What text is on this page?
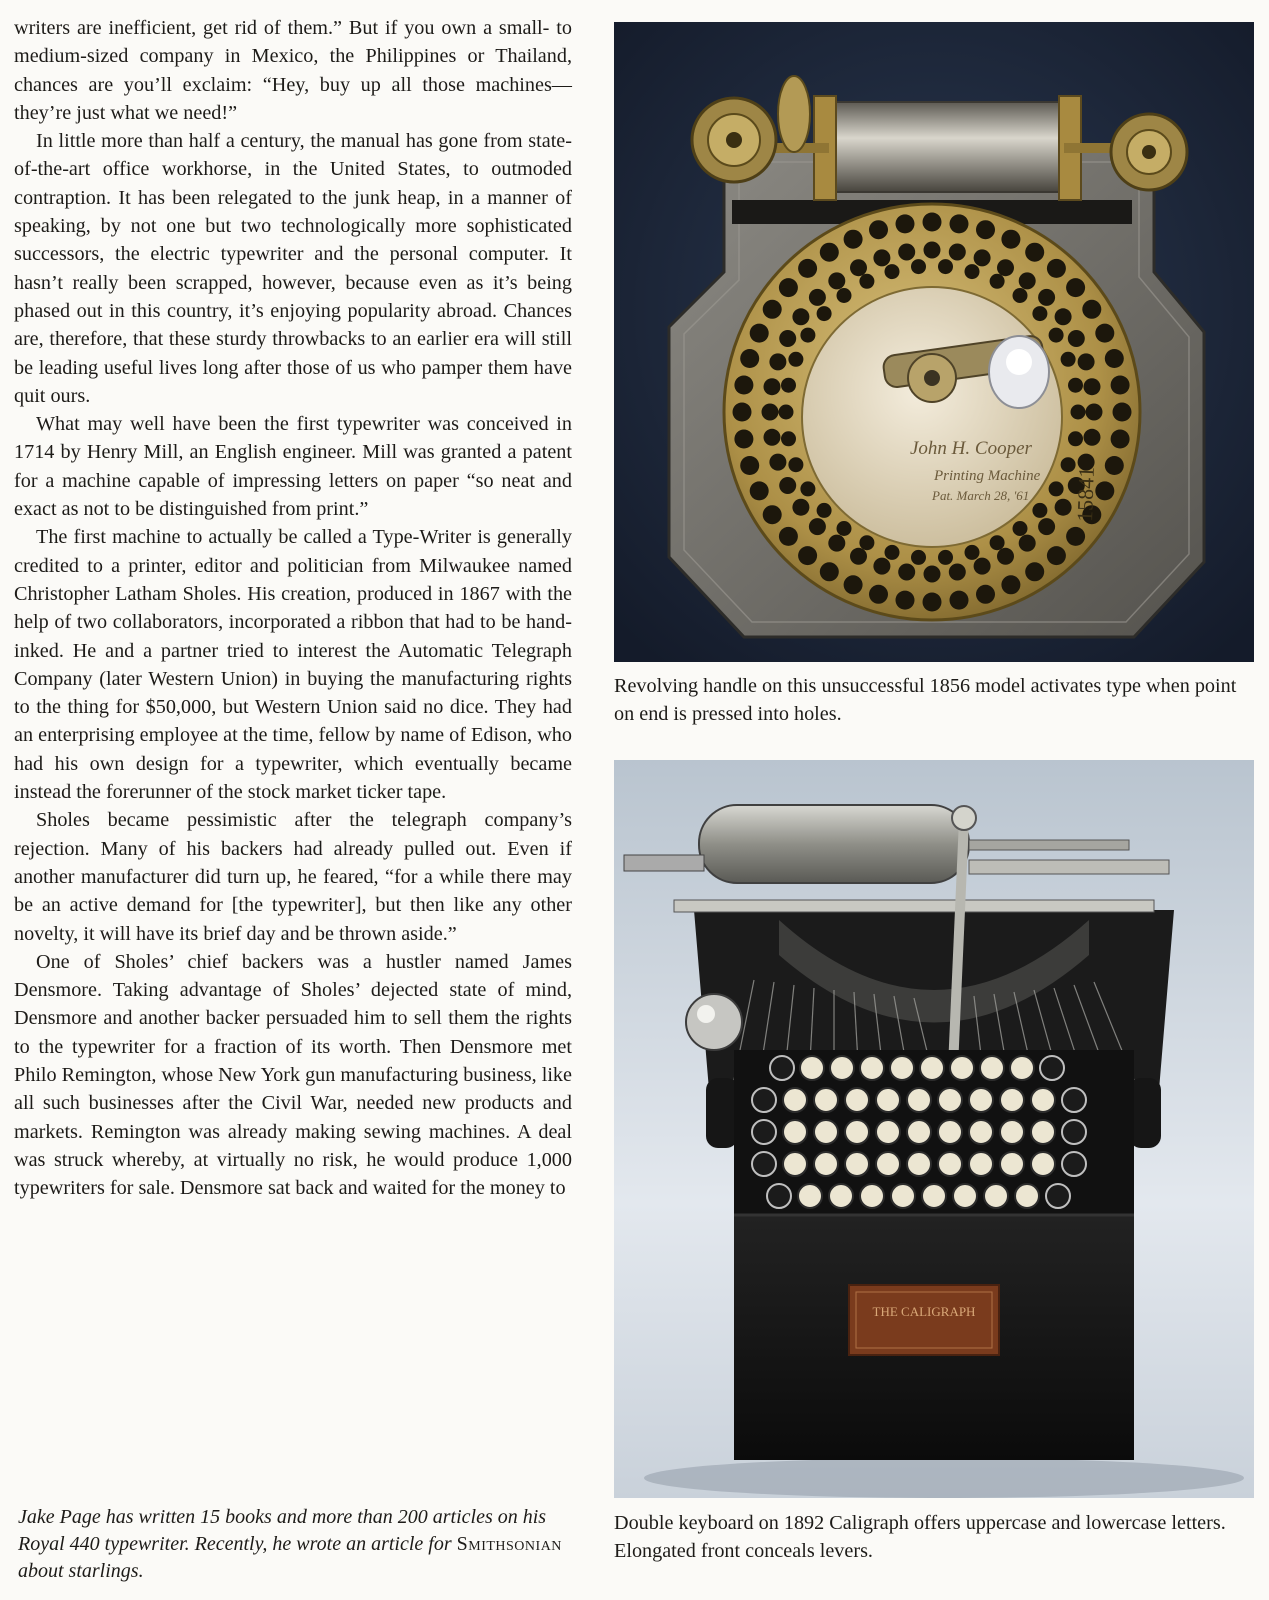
writers are inefficient, get rid of them.” But if you own a small- to medium-sized company in Mexico, the Philippines or Thailand, chances are you’ll exclaim: “Hey, buy up all those machines—they’re just what we need!”

In little more than half a century, the manual has gone from state-of-the-art office workhorse, in the United States, to outmoded contraption. It has been relegated to the junk heap, in a manner of speaking, by not one but two technologically more sophisticated successors, the electric typewriter and the personal computer. It hasn’t really been scrapped, however, because even as it’s being phased out in this country, it’s enjoying popularity abroad. Chances are, therefore, that these sturdy throwbacks to an earlier era will still be leading useful lives long after those of us who pamper them have quit ours.

What may well have been the first typewriter was conceived in 1714 by Henry Mill, an English engineer. Mill was granted a patent for a machine capable of impressing letters on paper “so neat and exact as not to be distinguished from print.”

The first machine to actually be called a Type-Writer is generally credited to a printer, editor and politician from Milwaukee named Christopher Latham Sholes. His creation, produced in 1867 with the help of two collaborators, incorporated a ribbon that had to be hand-inked. He and a partner tried to interest the Automatic Telegraph Company (later Western Union) in buying the manufacturing rights to the thing for $50,000, but Western Union said no dice. They had an enterprising employee at the time, fellow by name of Edison, who had his own design for a typewriter, which eventually became instead the forerunner of the stock market ticker tape.

Sholes became pessimistic after the telegraph company’s rejection. Many of his backers had already pulled out. Even if another manufacturer did turn up, he feared, “for a while there may be an active demand for [the typewriter], but then like any other novelty, it will have its brief day and be thrown aside.”

One of Sholes’ chief backers was a hustler named James Densmore. Taking advantage of Sholes’ dejected state of mind, Densmore and another backer persuaded him to sell them the rights to the typewriter for a fraction of its worth. Then Densmore met Philo Remington, whose New York gun manufacturing business, like all such businesses after the Civil War, needed new products and markets. Remington was already making sewing machines. A deal was struck whereby, at virtually no risk, he would produce 1,000 typewriters for sale. Densmore sat back and waited for the money to

Jake Page has written 15 books and more than 200 articles on his Royal 440 typewriter. Recently, he wrote an article for Smithsonian about starlings.
John H. Cooper
Printing Machine
Pat. March 28, '61 15841
Revolving handle on this unsuccessful 1856 model activates type when point on end is pressed into holes.
THE CALIGRAPH
Double keyboard on 1892 Caligraph offers uppercase and lowercase letters. Elongated front conceals levers.
